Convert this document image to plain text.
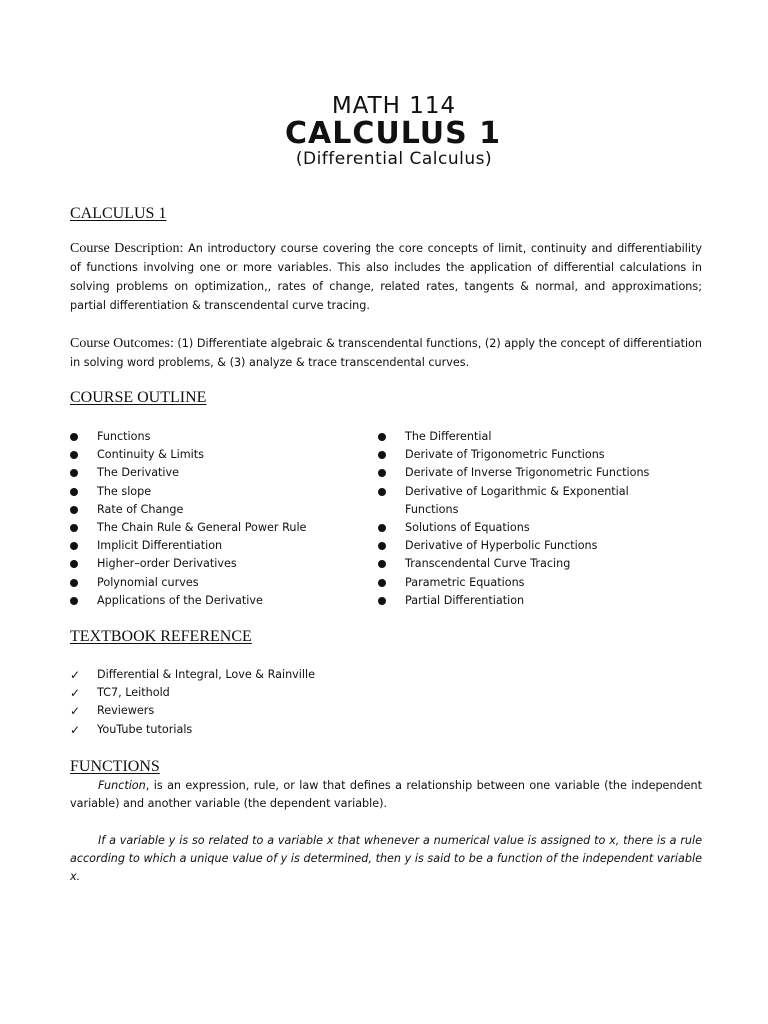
MATH 114
CALCULUS 1
(Differential Calculus)
CALCULUS 1
Course Description: An introductory course covering the core concepts of limit, continuity and differentiability of functions involving one or more variables. This also includes the application of differential calculations in solving problems on optimization,, rates of change, related rates, tangents & normal, and approximations; partial differentiation & transcendental curve tracing.
Course Outcomes: (1) Differentiate algebraic & transcendental functions, (2) apply the concept of differentiation in solving word problems, & (3) analyze & trace transcendental curves.
COURSE OUTLINE
Functions
Continuity & Limits
The Derivative
The slope
Rate of Change
The Chain Rule & General Power Rule
Implicit Differentiation
Higher–order Derivatives
Polynomial curves
Applications of the Derivative
The Differential
Derivate of Trigonometric Functions
Derivate of Inverse Trigonometric Functions
Derivative of Logarithmic & Exponential
Functions
Solutions of Equations
Derivative of Hyperbolic Functions
Transcendental Curve Tracing
Parametric Equations
Partial Differentiation
TEXTBOOK REFERENCE
✓ Differential & Integral, Love & Rainville
✓ TC7, Leithold
✓ Reviewers
✓ YouTube tutorials
FUNCTIONS
Function, is an expression, rule, or law that defines a relationship between one variable (the independent variable) and another variable (the dependent variable).
If a variable y is so related to a variable x that whenever a numerical value is assigned to x, there is a rule according to which a unique value of y is determined, then y is said to be a function of the independent variable x.
